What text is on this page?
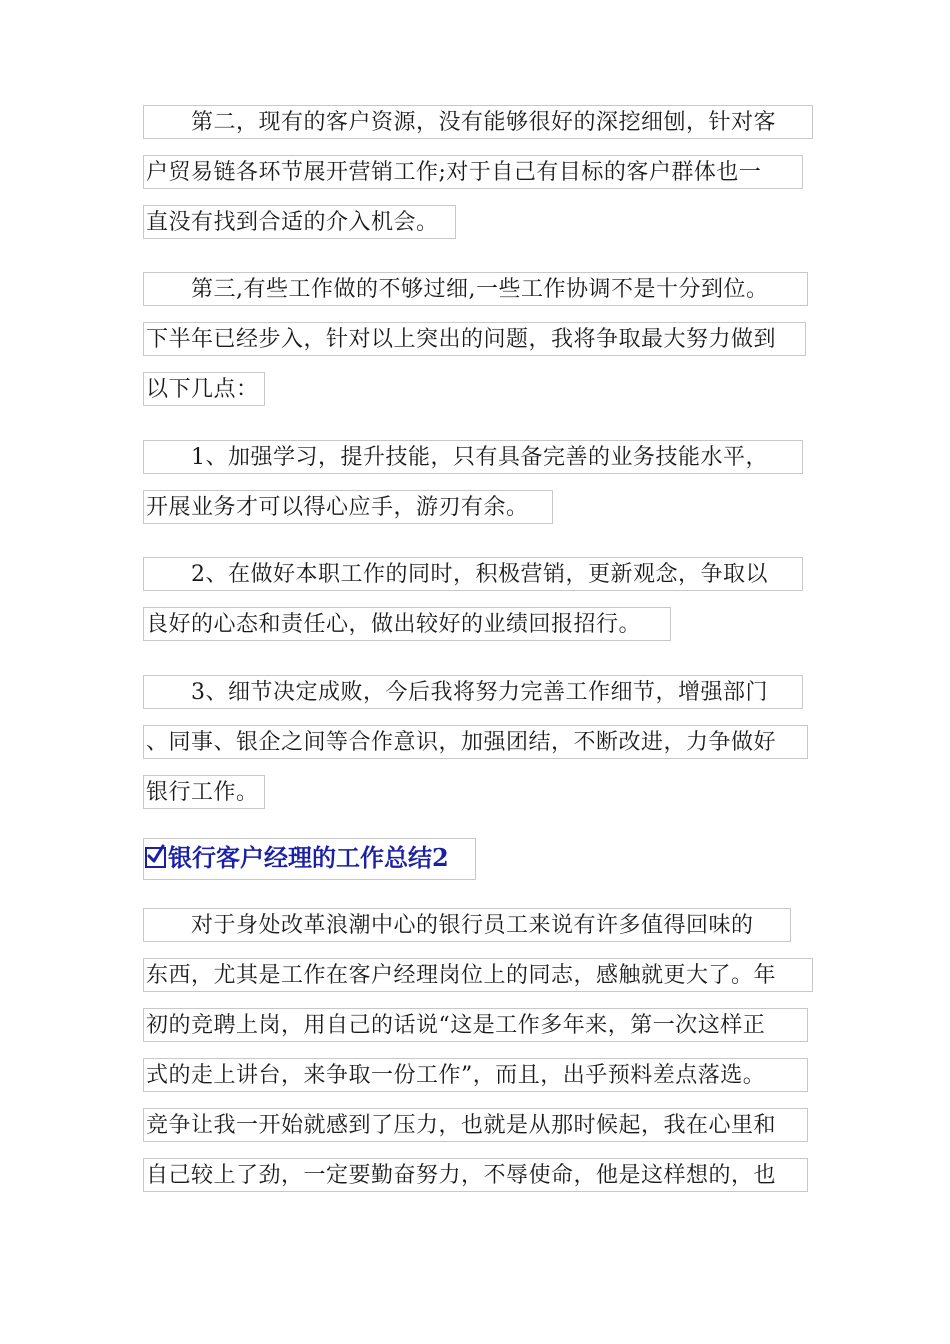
　　第二，现有的客户资源，没有能够很好的深挖细刨，针对客
户贸易链各环节展开营销工作;对于自己有目标的客户群体也一
直没有找到合适的介入机会。
　　第三,有些工作做的不够过细,一些工作协调不是十分到位。
下半年已经步入，针对以上突出的问题，我将争取最大努力做到
以下几点：
　　1、加强学习，提升技能，只有具备完善的业务技能水平，
开展业务才可以得心应手，游刃有余。
　　2、在做好本职工作的同时，积极营销，更新观念，争取以
良好的心态和责任心，做出较好的业绩回报招行。
　　3、细节决定成败，今后我将努力完善工作细节，增强部门
、同事、银企之间等合作意识，加强团结，不断改进，力争做好
银行工作。
银行客户经理的工作总结2
　　对于身处改革浪潮中心的银行员工来说有许多值得回味的
东西，尤其是工作在客户经理岗位上的同志，感触就更大了。年
初的竞聘上岗，用自己的话说“这是工作多年来，第一次这样正
式的走上讲台，来争取一份工作”，而且，出乎预料差点落选。
竞争让我一开始就感到了压力，也就是从那时候起，我在心里和
自己较上了劲，一定要勤奋努力，不辱使命，他是这样想的，也
